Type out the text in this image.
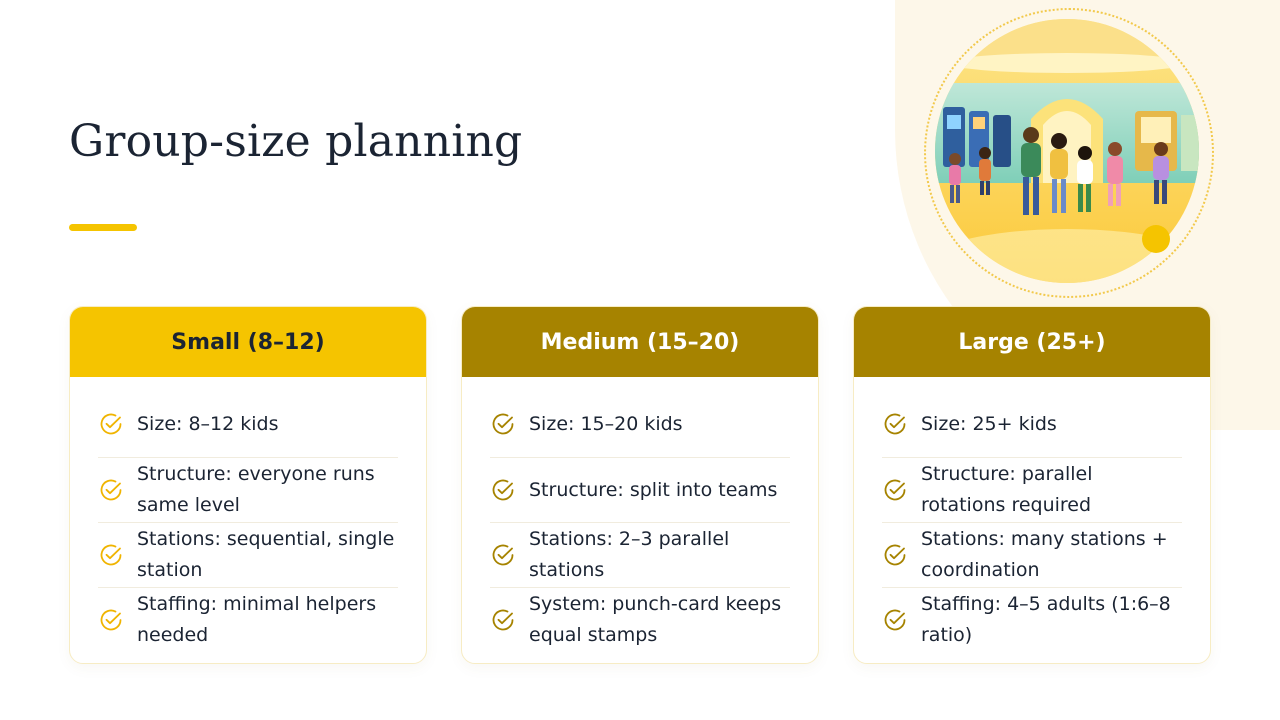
Group-size planning
Small (8–12)
Size: 8–12 kids
Structure: everyone runs same level
Stations: sequential, single station
Staffing: minimal helpers needed
Medium (15–20)
Size: 15–20 kids
Structure: split into teams
Stations: 2–3 parallel stations
System: punch-card keeps equal stamps
Large (25+)
Size: 25+ kids
Structure: parallel rotations required
Stations: many stations + coordination
Staffing: 4–5 adults (1:6–8 ratio)
